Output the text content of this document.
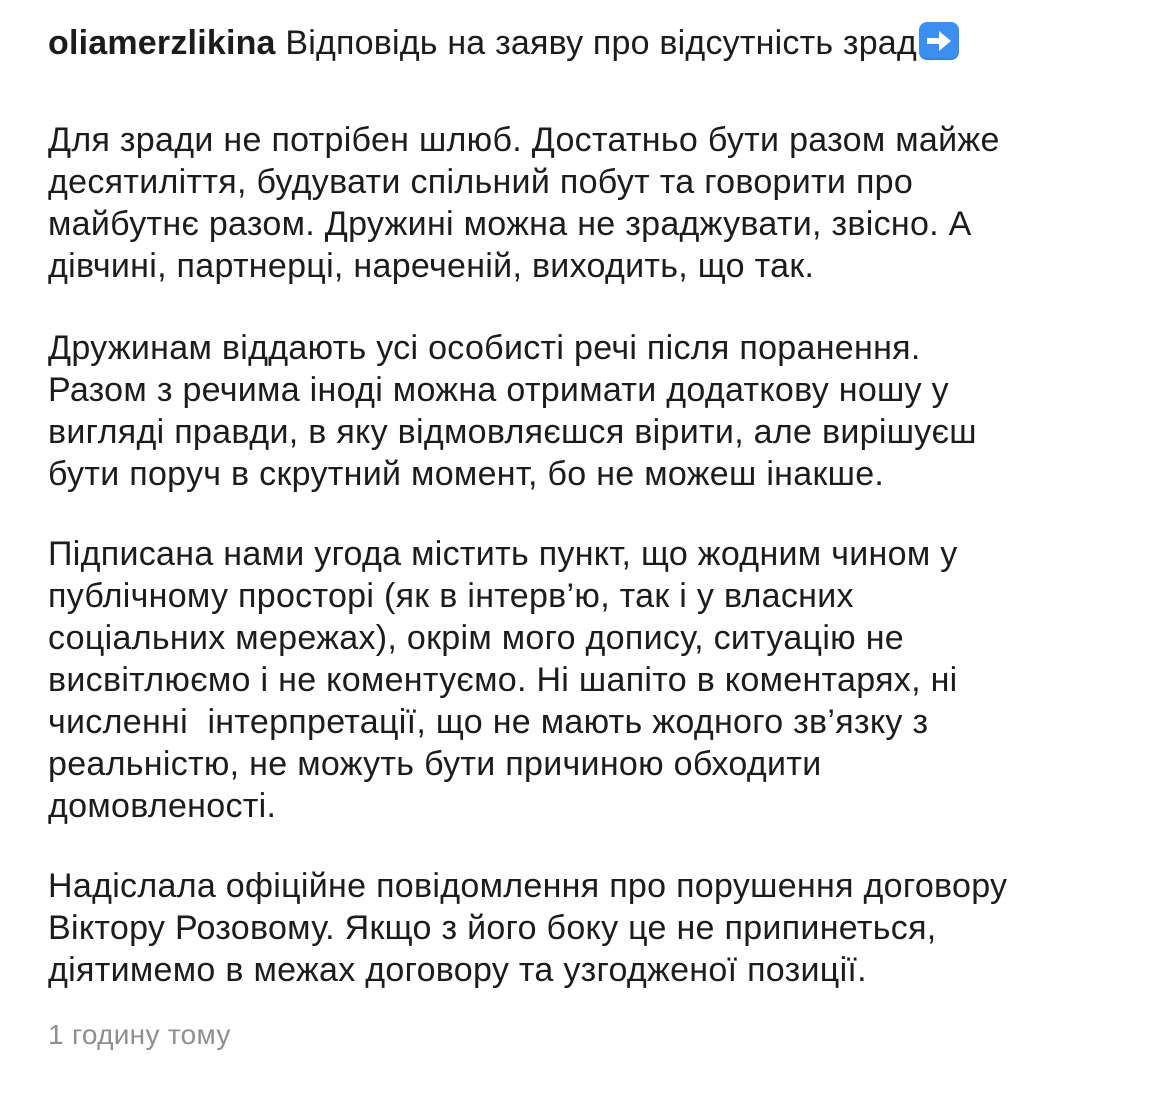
oliamerzlikina Відповідь на заяву про відсутність зрад

Для зради не потрібен шлюб. Достатньо бути разом майже
десятиліття, будувати спільний побут та говорити про
майбутнє разом. Дружині можна не зраджувати, звісно. А
дівчині, партнерці, нареченій, виходить, що так.

Дружинам віддають усі особисті речі після поранення.
Разом з речима іноді можна отримати додаткову ношу у
вигляді правди, в яку відмовляєшся вірити, але вирішуєш
бути поруч в скрутний момент, бо не можеш інакше.

Підписана нами угода містить пункт, що жодним чином у
публічному просторі (як в інтерв’ю, так і у власних
соціальних мережах), окрім мого допису, ситуацію не
висвітлюємо і не коментуємо. Ні шапіто в коментарях, ні
численні  інтерпретації, що не мають жодного зв’язку з
реальністю, не можуть бути причиною обходити
домовленості.

Надіслала офіційне повідомлення про порушення договору
Віктору Розовому. Якщо з його боку це не припинеться,
діятимемо в межах договору та узгодженої позиції.

1 годину тому
